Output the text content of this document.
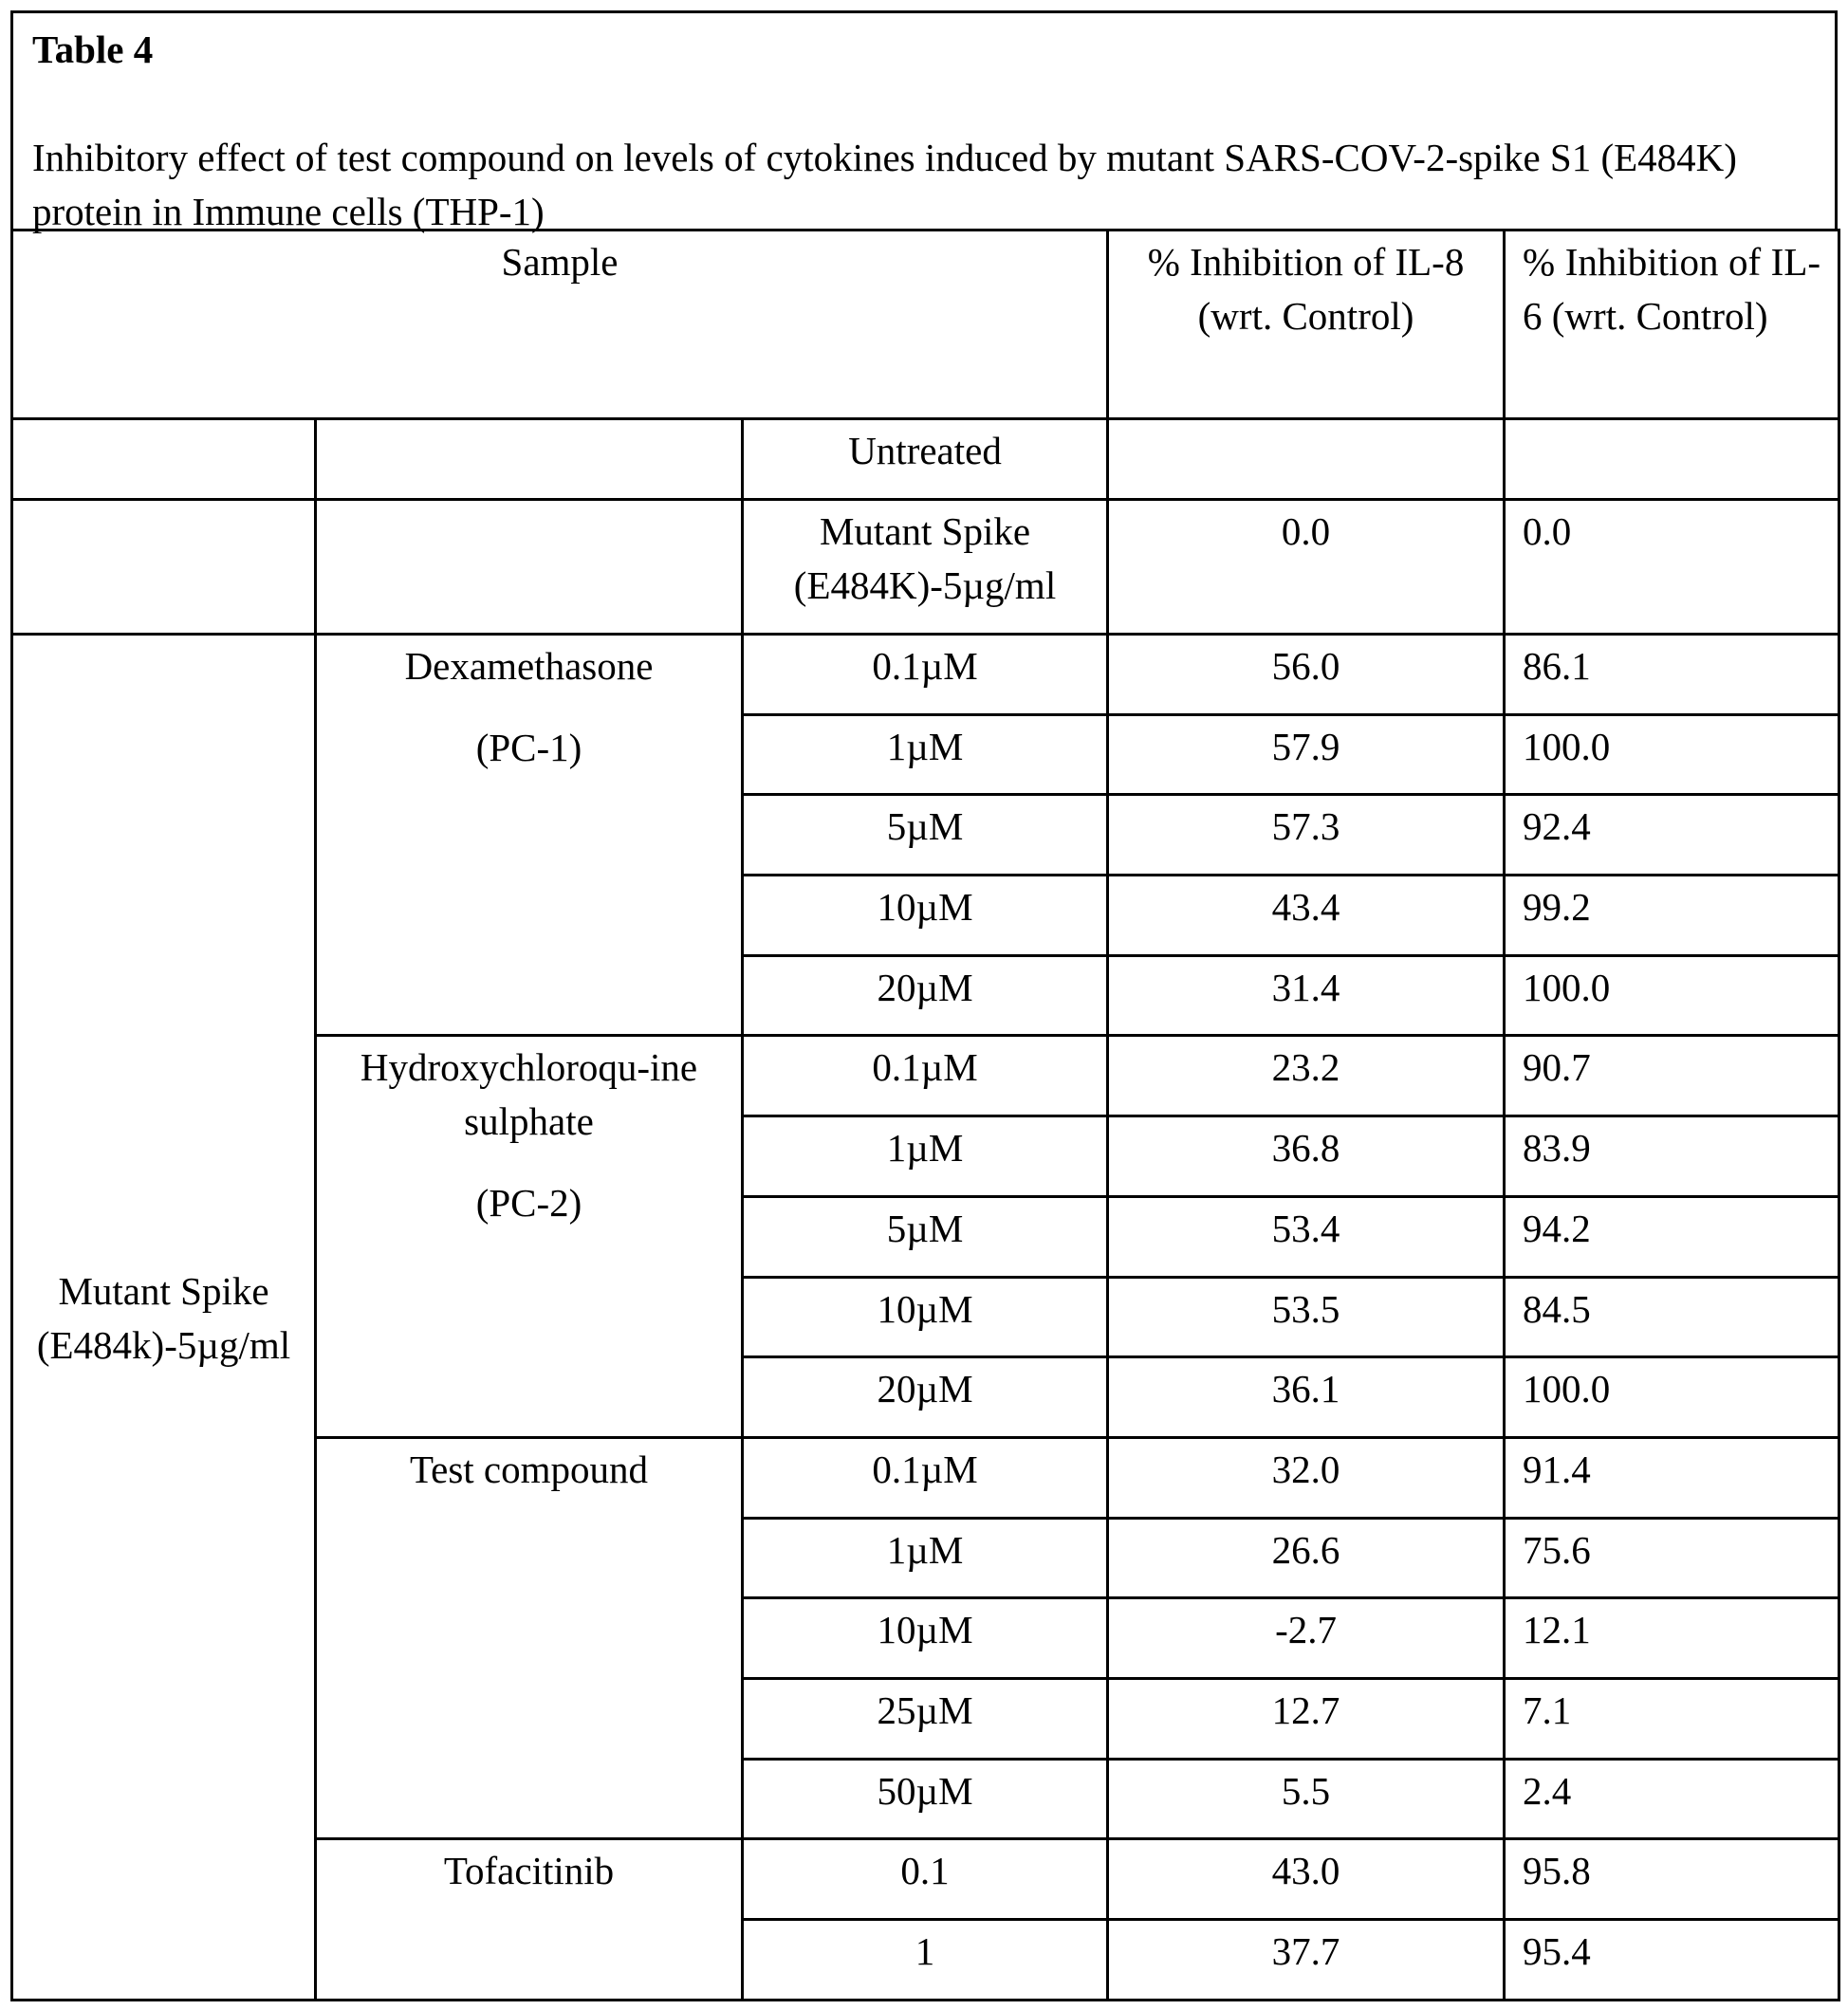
Table 4
Inhibitory effect of test compound on levels of cytokines induced by mutant SARS-COV-2-spike S1 (E484K) protein in Immune cells (THP-1)
Sample	% Inhibition of IL-8 (wrt. Control)	% Inhibition of IL-6 (wrt. Control)
		Untreated		
		Mutant Spike (E484K)-5µg/ml	0.0	0.0
Mutant Spike (E484k)-5µg/ml	Dexamethasone
(PC-1)
	0.1µM	56.0	86.1
1µM	57.9	100.0
5µM	57.3	92.4
10µM	43.4	99.2
20µM	31.4	100.0
Hydroxychloroqu-ine sulphate
(PC-2)
	0.1µM	23.2	90.7
1µM	36.8	83.9
5µM	53.4	94.2
10µM	53.5	84.5
20µM	36.1	100.0
Test compound	0.1µM	32.0	91.4
1µM	26.6	75.6
10µM	-2.7	12.1
25µM	12.7	7.1
50µM	5.5	2.4
Tofacitinib	0.1	43.0	95.8
1	37.7	95.4
